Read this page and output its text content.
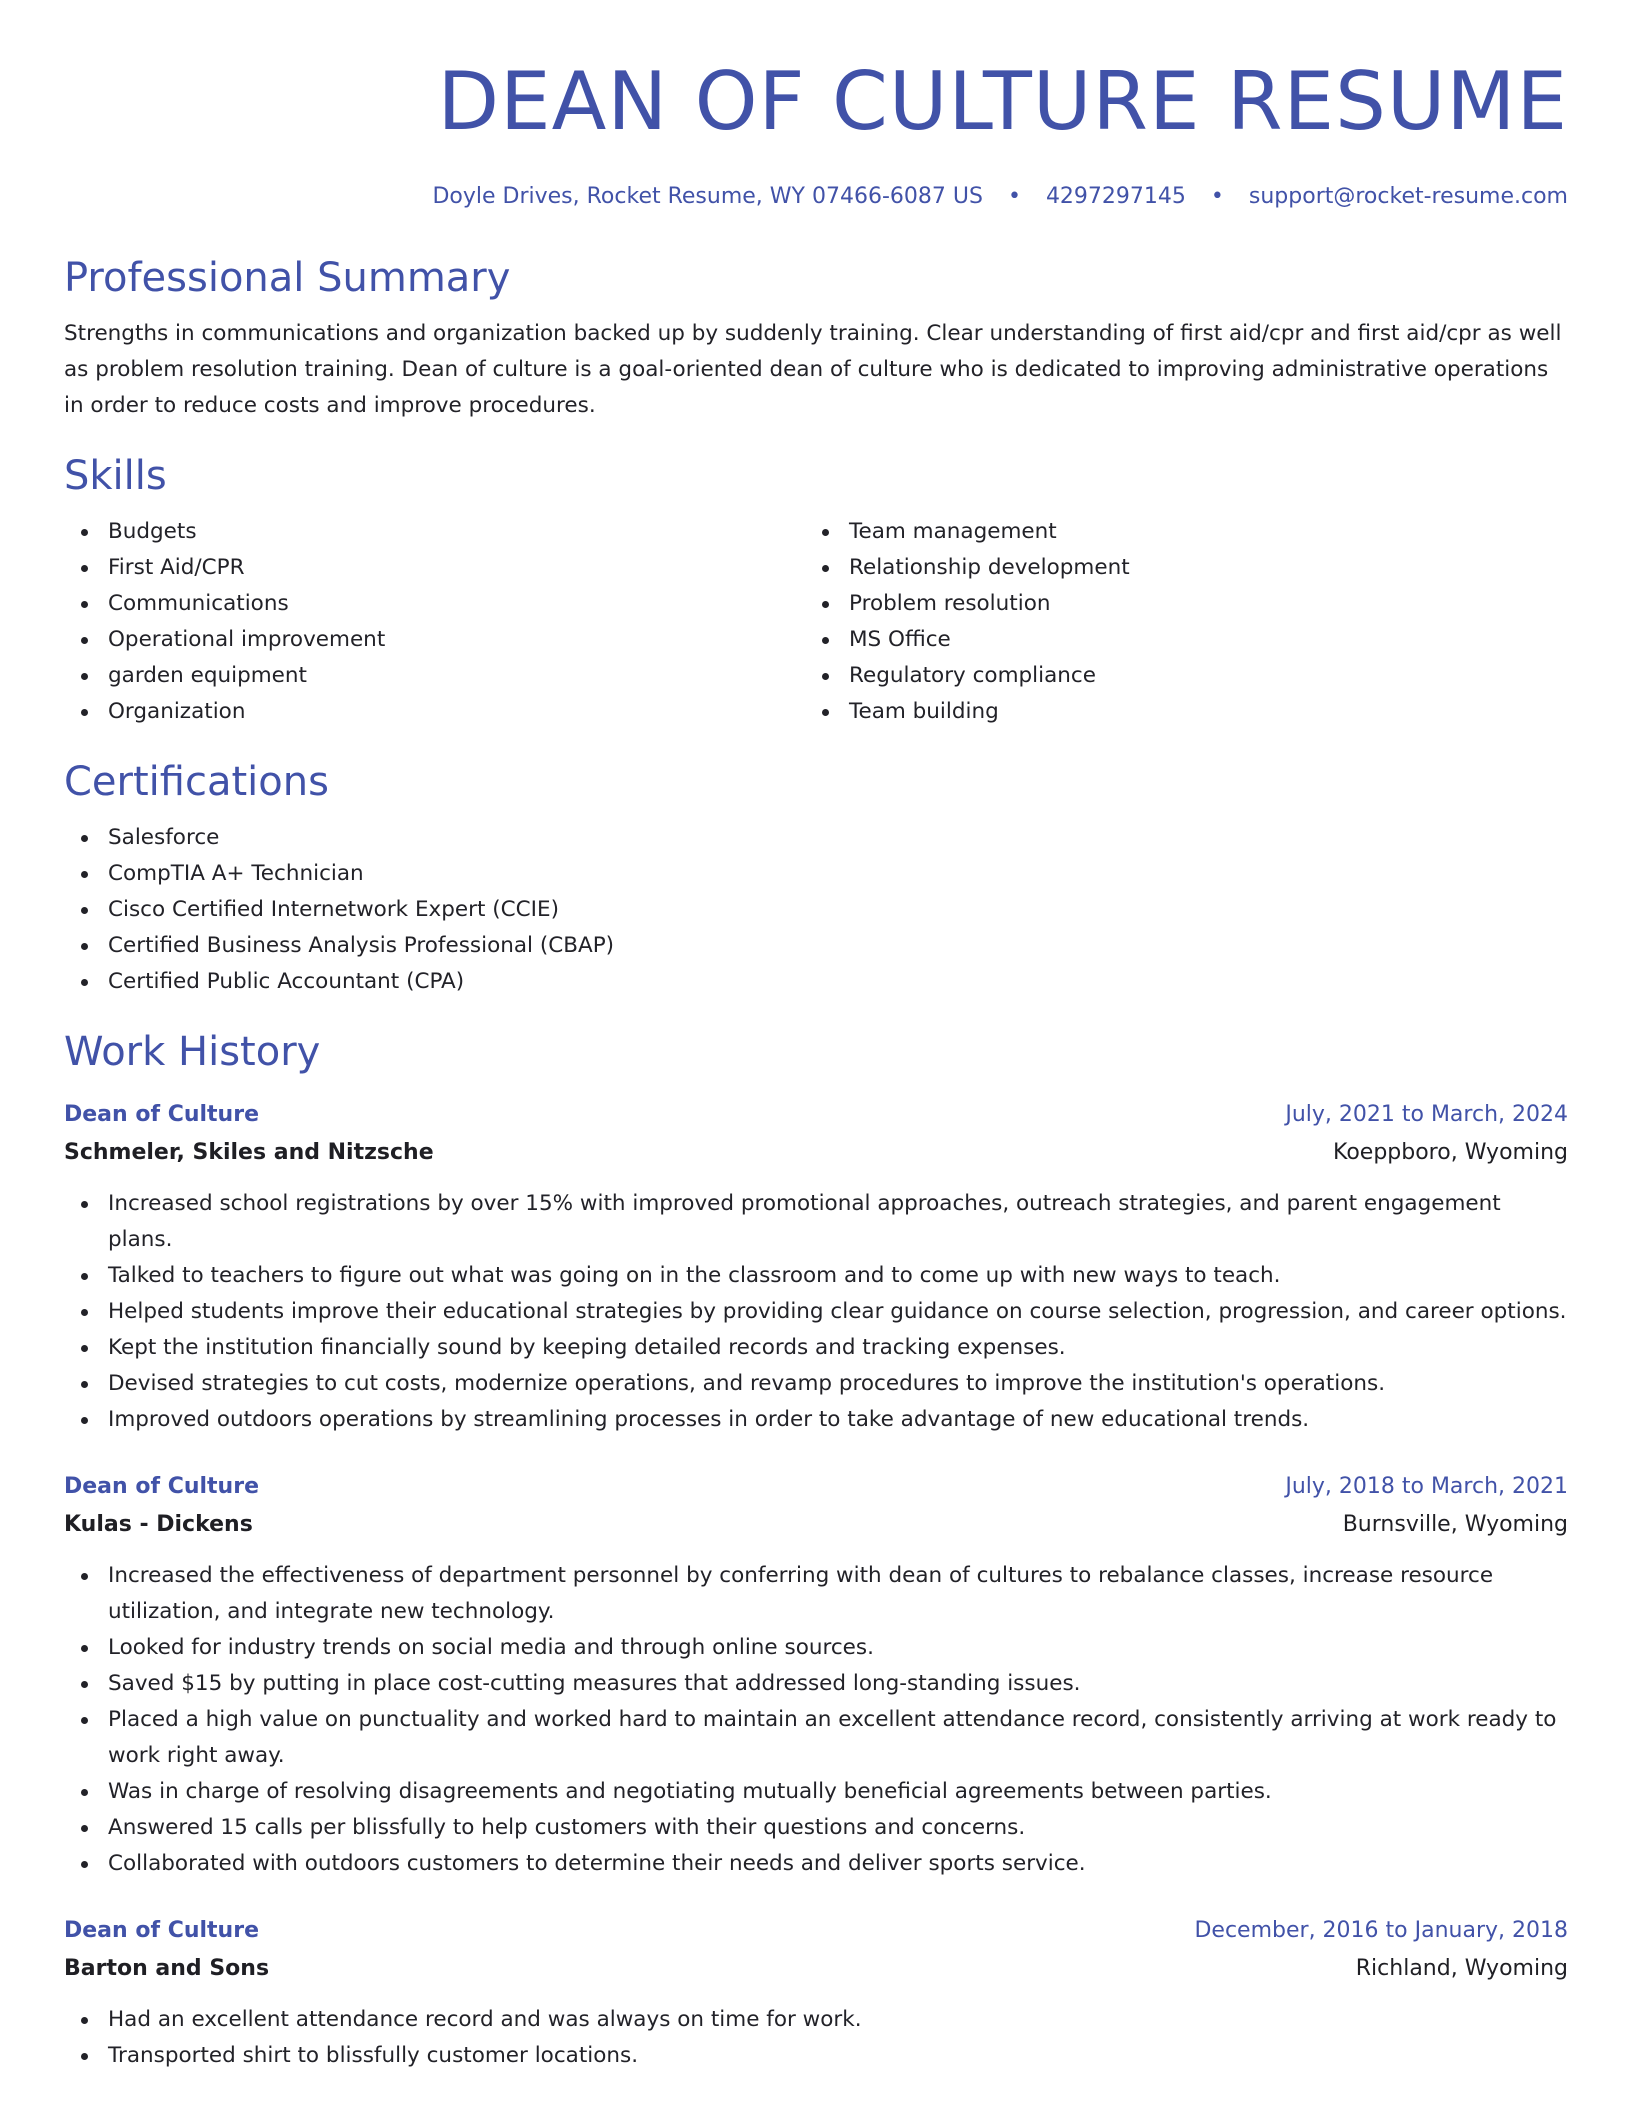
DEAN OF CULTURE RESUME
Doyle Drives, Rocket Resume, WY 07466-6087 US • 4297297145 • support@rocket-resume.com
Professional Summary

Strengths in communications and organization backed up by suddenly training. Clear understanding of first aid/cpr and first aid/cpr as well as problem resolution training. Dean of culture is a goal-oriented dean of culture who is dedicated to improving administrative operations in order to reduce costs and improve procedures.

Skills
Budgets
First Aid/CPR
Communications
Operational improvement
garden equipment
Organization
Team management
Relationship development
Problem resolution
MS Office
Regulatory compliance
Team building
Certifications
Salesforce
CompTIA A+ Technician
Cisco Certified Internetwork Expert (CCIE)
Certified Business Analysis Professional (CBAP)
Certified Public Accountant (CPA)
Work History
Dean of Culture	July, 2021 to March, 2024
Schmeler, Skiles and Nitzsche	Koeppboro, Wyoming
Increased school registrations by over 15% with improved promotional approaches, outreach strategies, and parent engagement plans.
Talked to teachers to figure out what was going on in the classroom and to come up with new ways to teach.
Helped students improve their educational strategies by providing clear guidance on course selection, progression, and career options.
Kept the institution financially sound by keeping detailed records and tracking expenses.
Devised strategies to cut costs, modernize operations, and revamp procedures to improve the institution's operations.
Improved outdoors operations by streamlining processes in order to take advantage of new educational trends.
Dean of Culture	July, 2018 to March, 2021
Kulas - Dickens	Burnsville, Wyoming
Increased the effectiveness of department personnel by conferring with dean of cultures to rebalance classes, increase resource utilization, and integrate new technology.
Looked for industry trends on social media and through online sources.
Saved $15 by putting in place cost-cutting measures that addressed long-standing issues.
Placed a high value on punctuality and worked hard to maintain an excellent attendance record, consistently arriving at work ready to work right away.
Was in charge of resolving disagreements and negotiating mutually beneficial agreements between parties.
Answered 15 calls per blissfully to help customers with their questions and concerns.
Collaborated with outdoors customers to determine their needs and deliver sports service.
Dean of Culture	December, 2016 to January, 2018
Barton and Sons	Richland, Wyoming
Had an excellent attendance record and was always on time for work.
Transported shirt to blissfully customer locations.
